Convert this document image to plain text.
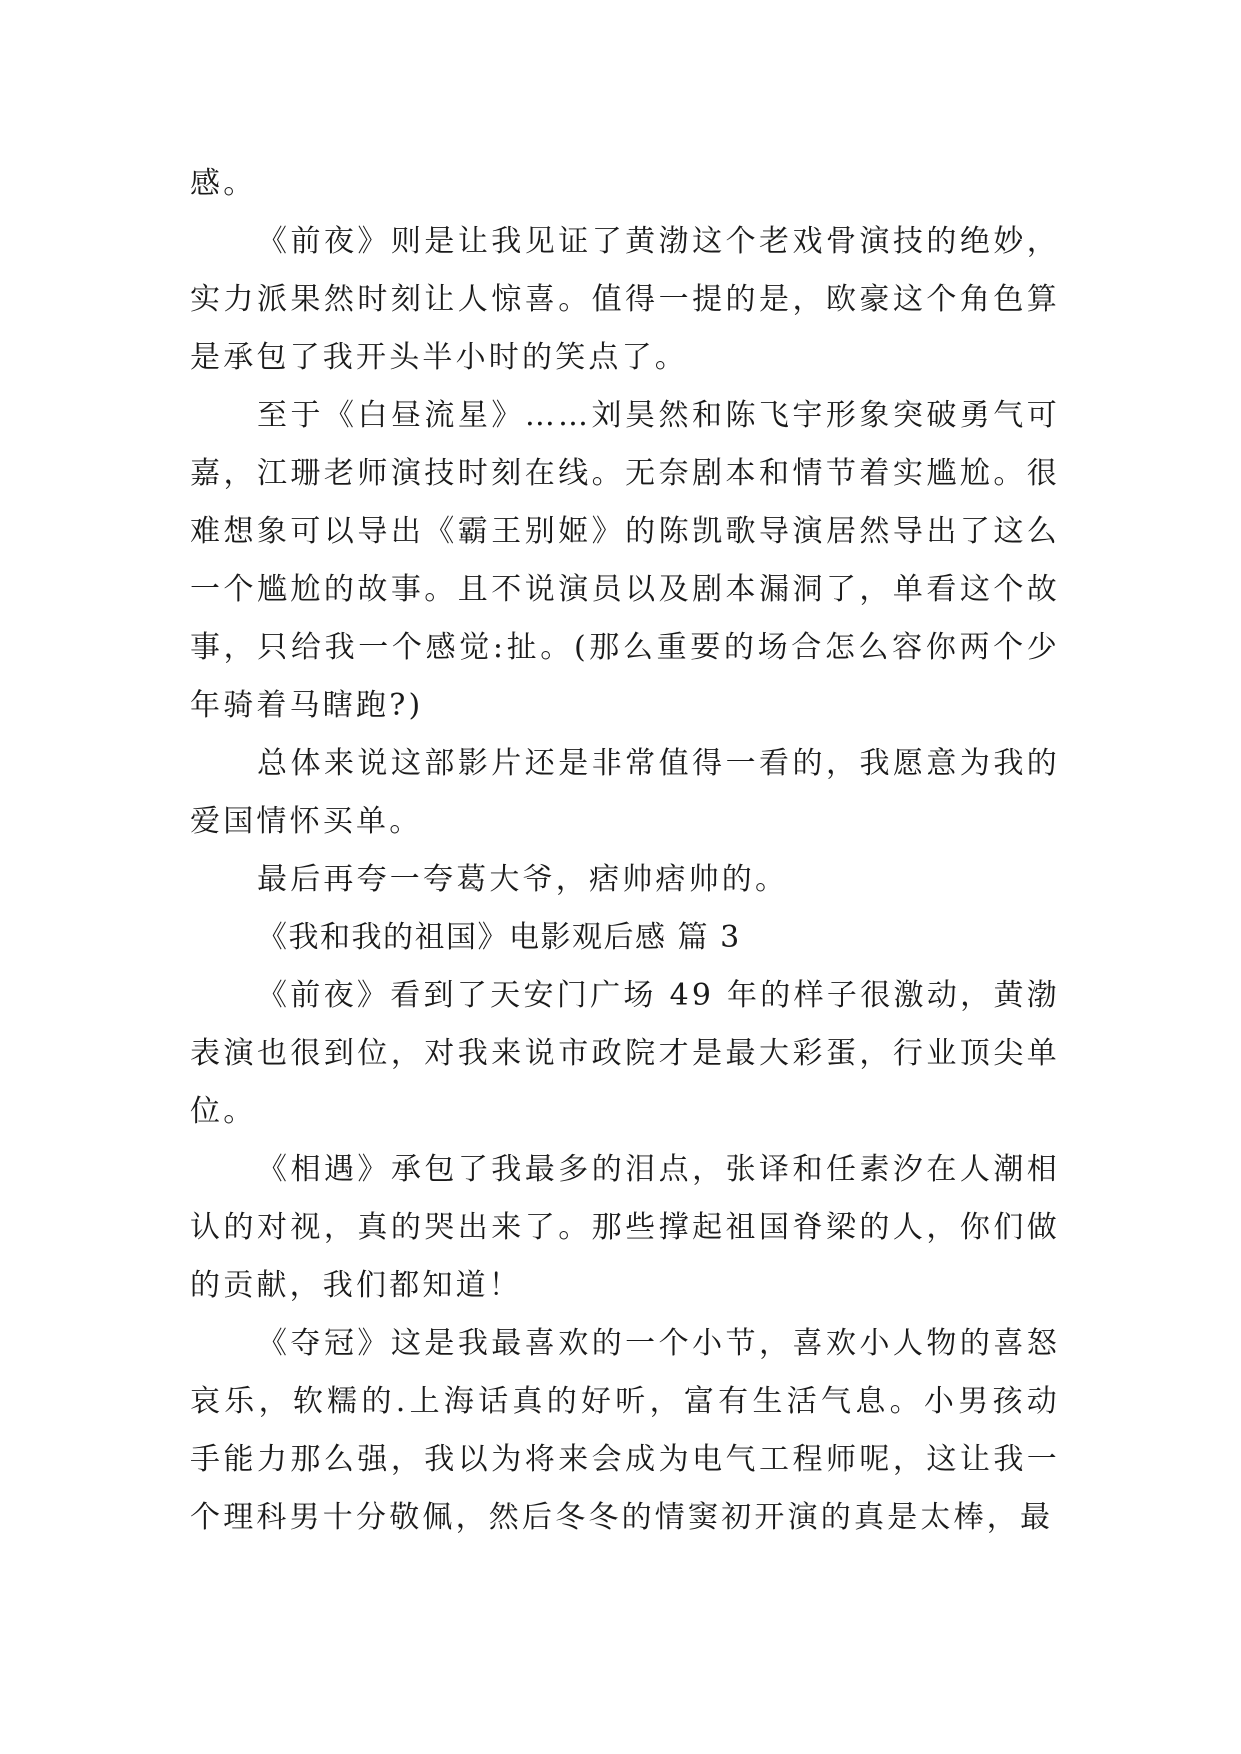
感。

《前夜》则是让我见证了黄渤这个老戏骨演技的绝妙，实力派果然时刻让人惊喜。值得一提的是，欧豪这个角色算是承包了我开头半小时的笑点了。

至于《白昼流星》……刘昊然和陈飞宇形象突破勇气可嘉，江珊老师演技时刻在线。无奈剧本和情节着实尴尬。很难想象可以导出《霸王别姬》的陈凯歌导演居然导出了这么一个尴尬的故事。且不说演员以及剧本漏洞了，单看这个故事，只给我一个感觉:扯。(那么重要的场合怎么容你两个少年骑着马瞎跑?)

总体来说这部影片还是非常值得一看的，我愿意为我的爱国情怀买单。

最后再夸一夸葛大爷，痞帅痞帅的。

《我和我的祖国》电影观后感 篇 3

《前夜》看到了天安门广场 49 年的样子很激动，黄渤表演也很到位，对我来说市政院才是最大彩蛋，行业顶尖单位。

《相遇》承包了我最多的泪点，张译和任素汐在人潮相认的对视，真的哭出来了。那些撑起祖国脊梁的人，你们做的贡献，我们都知道！

《夺冠》这是我最喜欢的一个小节，喜欢小人物的喜怒哀乐，软糯的.上海话真的好听，富有生活气息。小男孩动手能力那么强，我以为将来会成为电气工程师呢，这让我一个理科男十分敬佩，然后冬冬的情窦初开演的真是太棒，最
